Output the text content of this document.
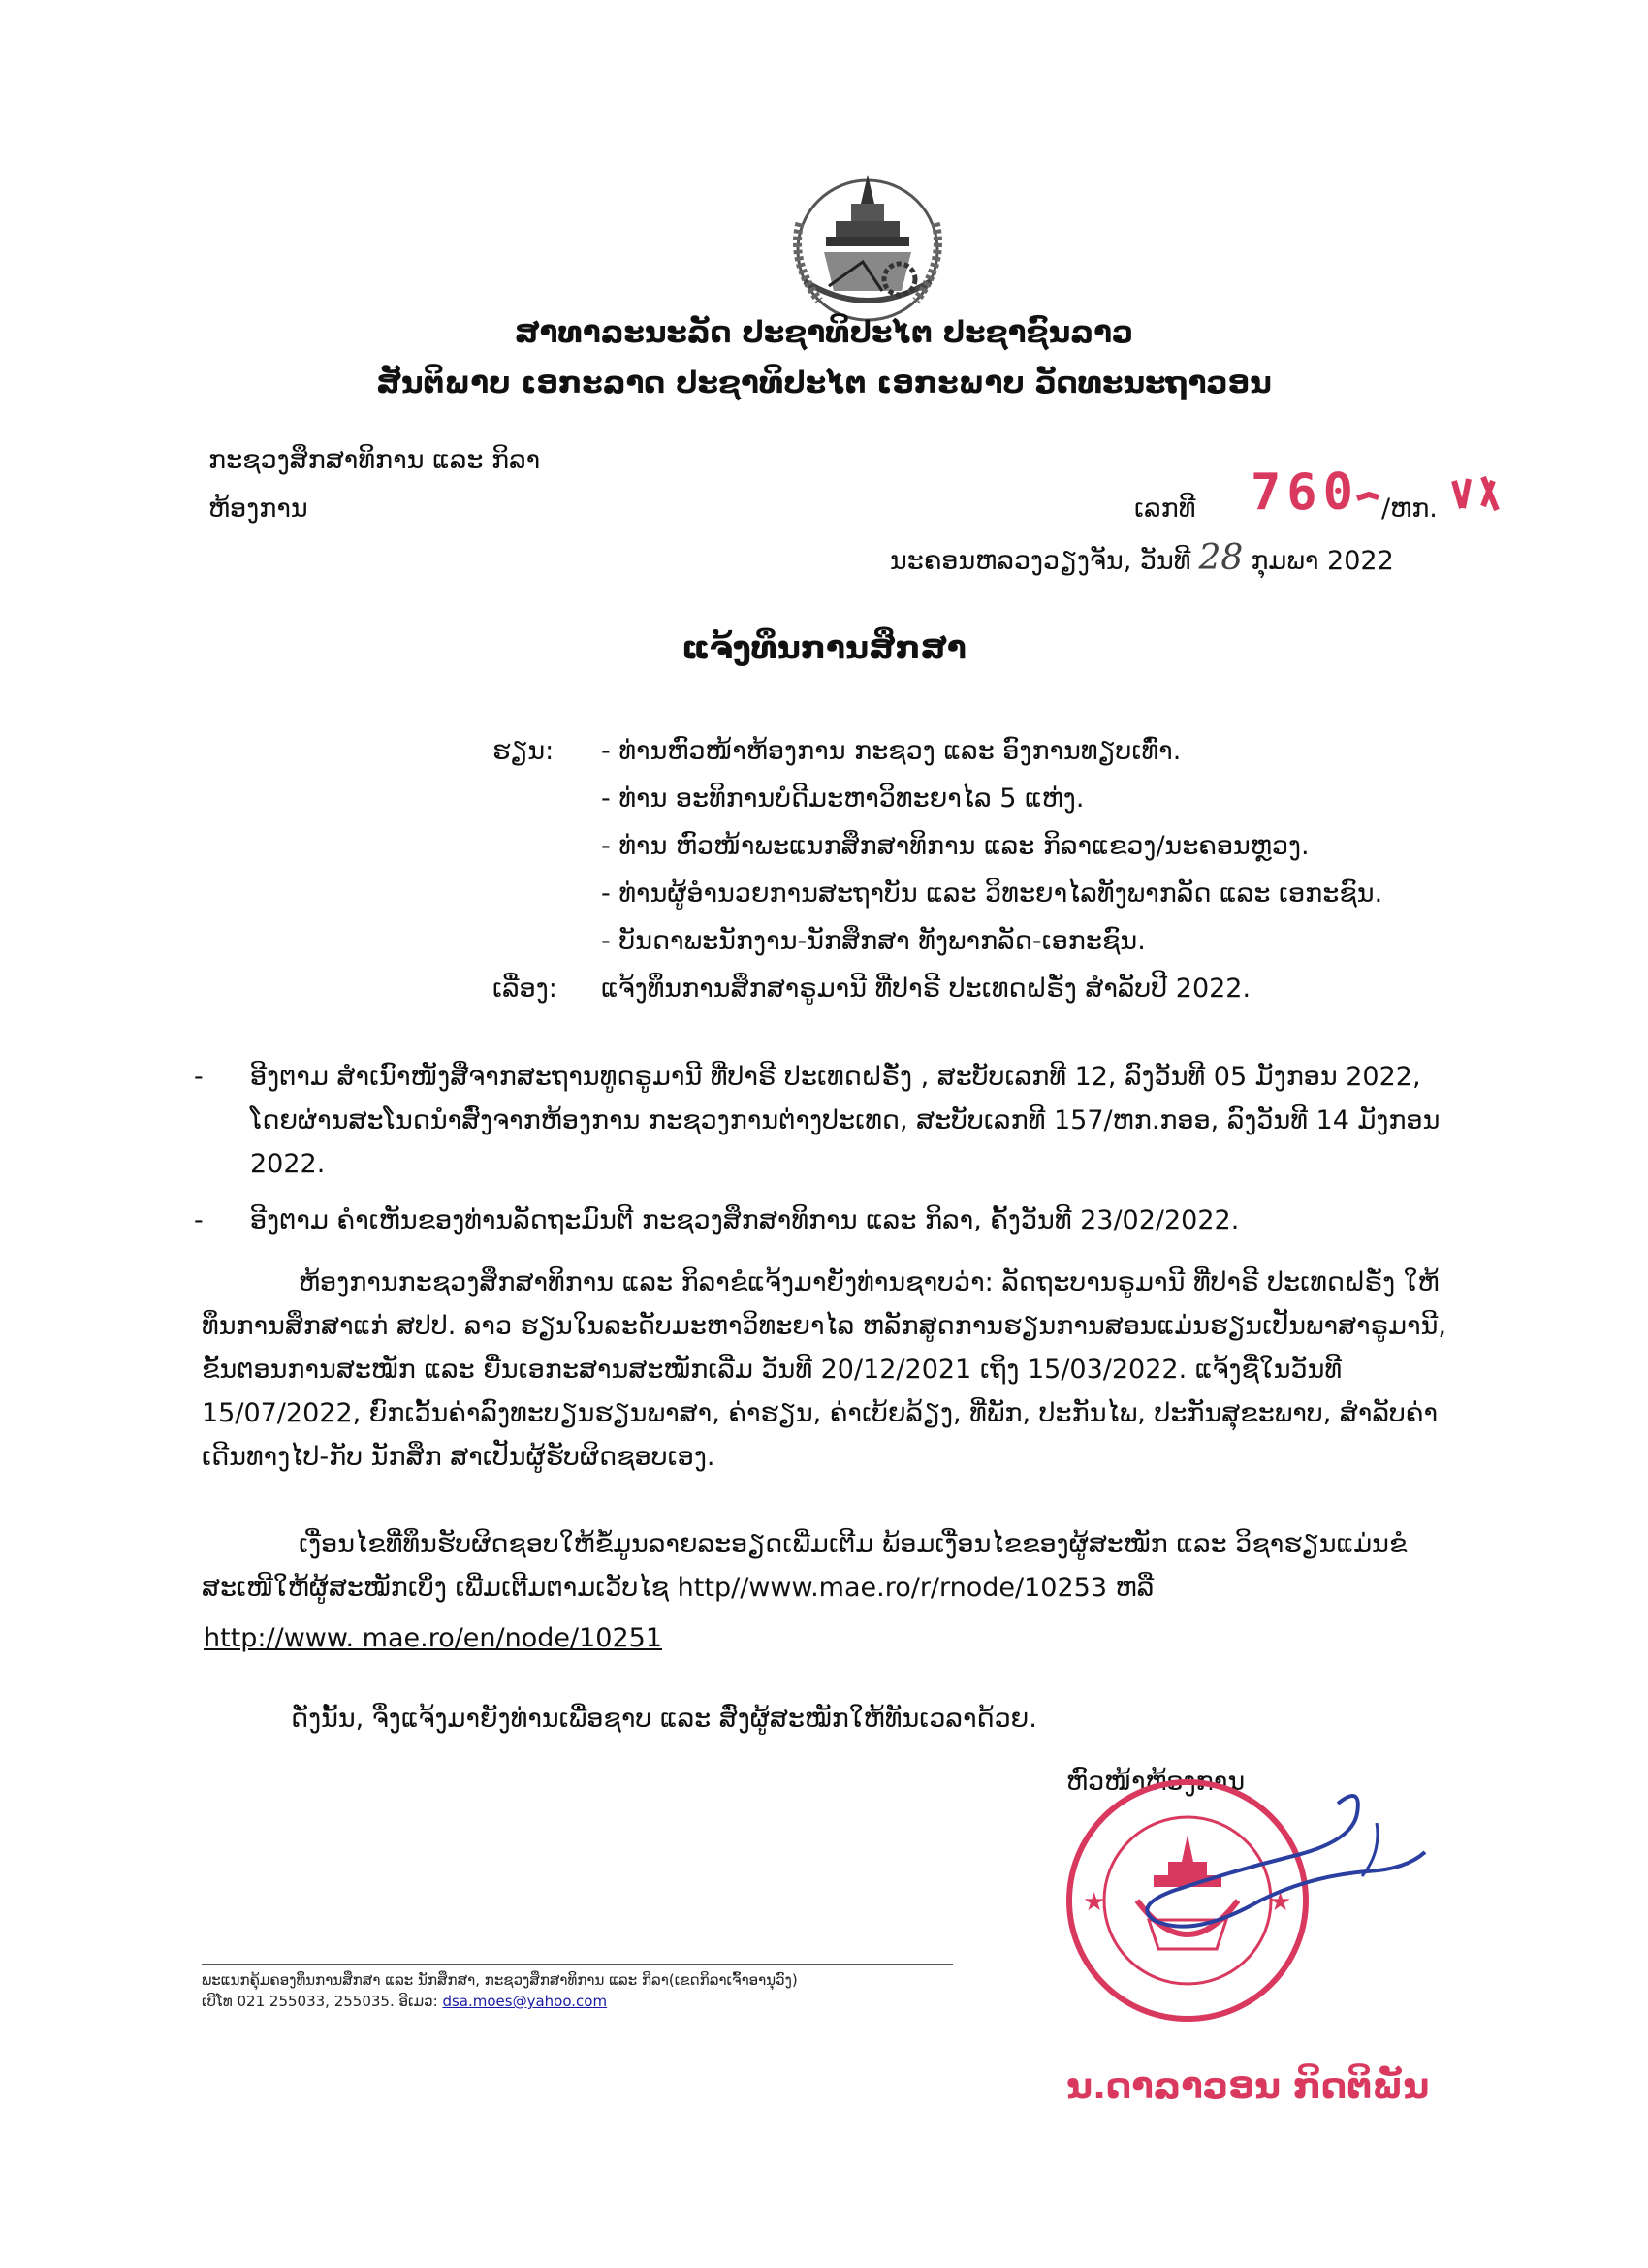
ສາທາລະນະລັດ ປະຊາທິປະໄຕ ປະຊາຊົນລາວ
ສັນຕິພາບ ເອກະລາດ ປະຊາທິປະໄຕ ເອກະພາບ ວັດທະນະຖາວອນ
ກະຊວງສຶກສາທິການ ແລະ ກິລາ
ຫ້ອງການ	ເລກທີ 760 /ຫກ.
ນະຄອນຫລວງວຽງຈັນ, ວັນທີ 28 ກຸມພາ 2022
ແຈ້ງທຶນການສຶກສາ
ຮຽນ: - ທ່ານຫົວໜ້າຫ້ອງການ ກະຊວງ ແລະ ອົງການທຽບເທົ່າ.
- ທ່ານ ອະທິການບໍດີມະຫາວິທະຍາໄລ 5 ແຫ່ງ.
- ທ່ານ ຫົວໜ້າພະແນກສຶກສາທິການ ແລະ ກິລາແຂວງ/ນະຄອນຫຼວງ.
- ທ່ານຜູ້ອຳນວຍການສະຖາບັນ ແລະ ວິທະຍາໄລທັງພາກລັດ ແລະ ເອກະຊົນ.
- ບັນດາພະນັກງານ-ນັກສຶກສາ ທັງພາກລັດ-ເອກະຊົນ.
ເລື່ອງ: ແຈ້ງທຶນການສຶກສາຣູມານີ ທີ່ປາຣີ ປະເທດຝຣັ່ງ ສຳລັບປີ 2022.
- ອີງຕາມ ສຳເນົາໜັງສືຈາກສະຖານທູດຣູມານີ ທີ່ປາຣີ ປະເທດຝຣັ່ງ , ສະບັບເລກທີ 12, ລົງວັນທີ 05 ມັງກອນ 2022, ໂດຍຜ່ານສະໂນດນຳສົ່ງຈາກຫ້ອງການ ກະຊວງການຕ່າງປະເທດ, ສະບັບເລກທີ 157/ຫກ.ກອອ, ລົງວັນທີ 14 ມັງກອນ 2022.
- ອີງຕາມ ຄຳເຫັນຂອງທ່ານລັດຖະມົນຕີ ກະຊວງສຶກສາທິການ ແລະ ກິລາ, ຄັ້ງວັນທີ 23/02/2022.
ຫ້ອງການກະຊວງສຶກສາທິການ ແລະ ກິລາຂໍແຈ້ງມາຍັງທ່ານຊາບວ່າ: ລັດຖະບານຣູມານີ ທີ່ປາຣີ ປະເທດຝຣັ່ງ ໃຫ້ທຶນການສຶກສາແກ່ ສປປ. ລາວ ຮຽນໃນລະດັບມະຫາວິທະຍາໄລ ຫລັກສູດການຮຽນການສອນແມ່ນຮຽນເປັນພາສາຣູມານີ, ຂັ້ນຕອນການສະໝັກ ແລະ ຍື່ນເອກະສານສະໝັກເລີ່ມ ວັນທີ 20/12/2021 ເຖິງ 15/03/2022. ແຈ້ງຊື່ໃນວັນທີ 15/07/2022, ຍົກເວັ້ນຄ່າລົງທະບຽນຮຽນພາສາ, ຄ່າຮຽນ, ຄ່າເບ້ຍລ້ຽງ, ທີ່ພັກ, ປະກັນໄພ, ປະກັນສຸຂະພາບ, ສຳລັບຄ່າເດີນທາງໄປ-ກັບ ນັກສຶກ ສາເປັນຜູ້ຮັບຜິດຊອບເອງ.
ເງື່ອນໄຂທີ່ທຶນຮັບຜິດຊອບໃຫ້ຂໍ້ມູນລາຍລະອຽດເພີ່ມເຕີມ ພ້ອມເງື່ອນໄຂຂອງຜູ້ສະໝັກ ແລະ ວິຊາຮຽນແມ່ນຂໍສະເໜີໃຫ້ຜູ້ສະໝັກເບິ່ງ ເພີ່ມເຕີມຕາມເວັບໄຊ http//www.mae.ro/r/rnode/10253 ຫລື
http://www. mae.ro/en/node/10251
ດັ່ງນັ້ນ, ຈຶ່ງແຈ້ງມາຍັງທ່ານເພື່ອຊາບ ແລະ ສົ່ງຜູ້ສະໝັກໃຫ້ທັນເວລາດ້ວຍ.
ຫົວໜ້າຫ້ອງການ
★	★
ນ.ດາລາວອນ ກິດຕິພັນ
ພະແນກຄຸ້ມຄອງທຶນການສຶກສາ ແລະ ນັກສຶກສາ, ກະຊວງສຶກສາທິການ ແລະ ກິລາ(ເຂດກິລາເຈົ້າອານຸວົງ)
ເບີໂທ 021 255033, 255035. ອີເມວ: dsa.moes@yahoo.com
